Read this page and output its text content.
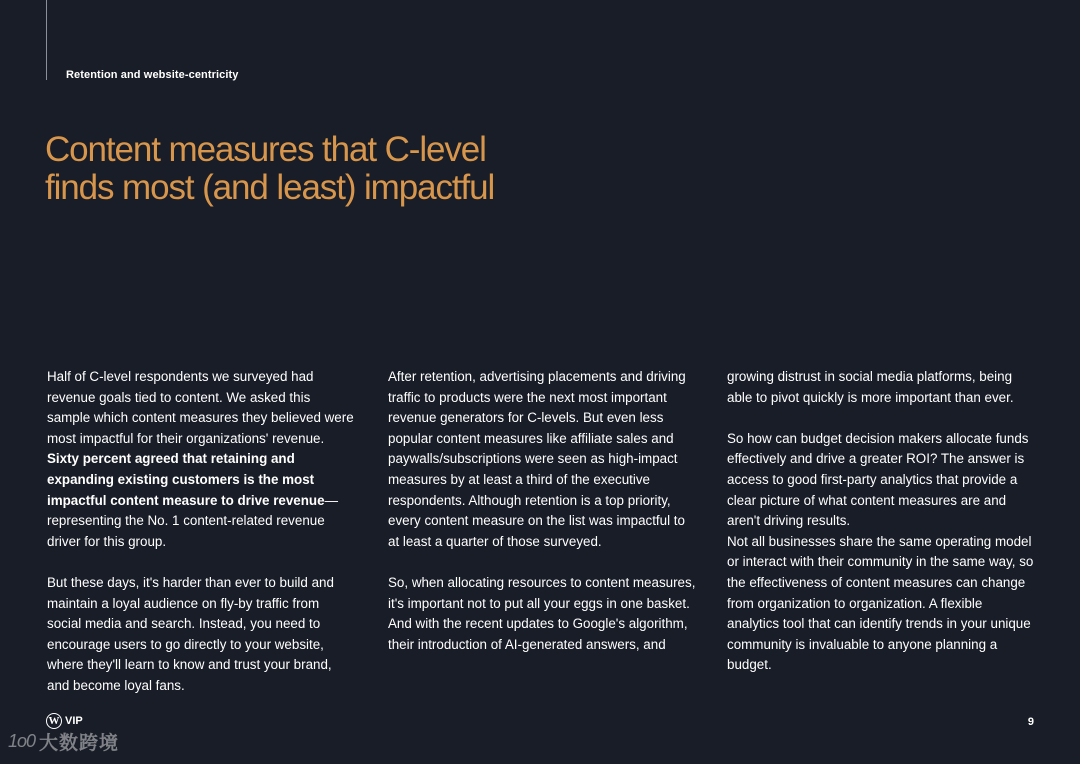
Retention and website-centricity
Content measures that C-level
finds most (and least) impactful

Half of C-level respondents we surveyed had revenue goals tied to content. We asked this sample which content measures they believed were most impactful for their organizations' revenue. Sixty percent agreed that retaining and expanding existing customers is the most impactful content measure to drive revenue—representing the No. 1 content-related revenue driver for this group.

But these days, it's harder than ever to build and maintain a loyal audience on fly-by traffic from social media and search. Instead, you need to encourage users to go directly to your website, where they'll learn to know and trust your brand, and become loyal fans.

After retention, advertising placements and driving traffic to products were the next most important revenue generators for C-levels. But even less popular content measures like affiliate sales and paywalls/subscriptions were seen as high-impact measures by at least a third of the executive respondents. Although retention is a top priority, every content measure on the list was impactful to at least a quarter of those surveyed.

So, when allocating resources to content measures, it's important not to put all your eggs in one basket. And with the recent updates to Google's algorithm, their introduction of AI-generated answers, and

growing distrust in social media platforms, being able to pivot quickly is more important than ever.

So how can budget decision makers allocate funds effectively and drive a greater ROI? The answer is access to good first-party analytics that provide a clear picture of what content measures are and aren't driving results.

Not all businesses share the same operating model or interact with their community in the same way, so the effectiveness of content measures can change from organization to organization. A flexible analytics tool that can identify trends in your unique community is invaluable to anyone planning a budget.

W VIP	9
1o0 大数跨境
